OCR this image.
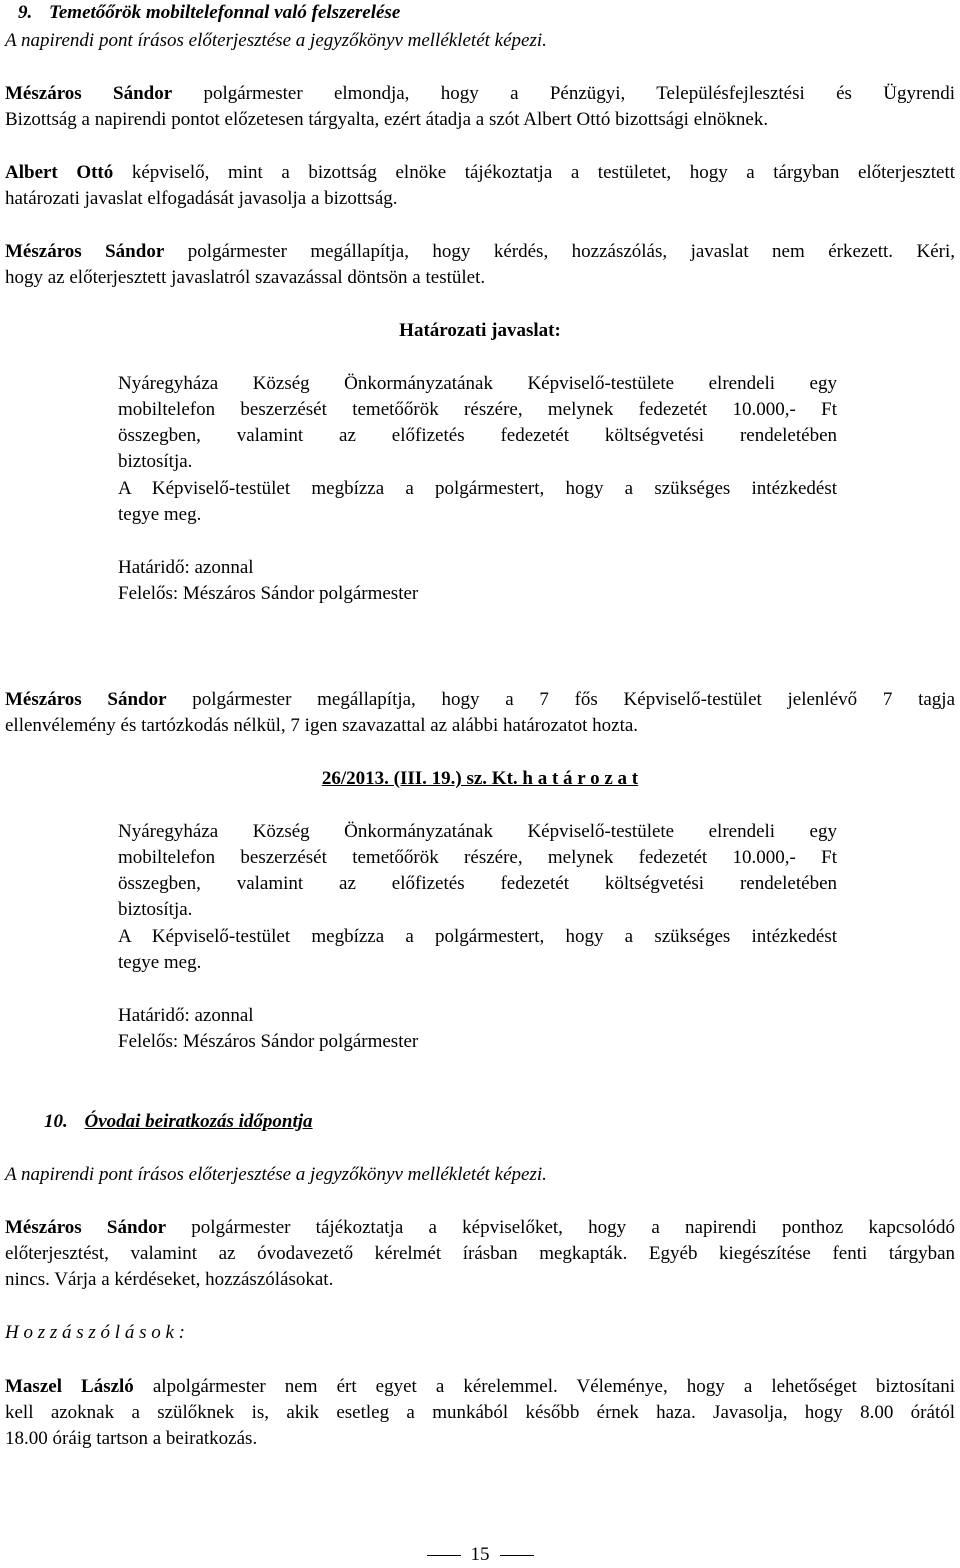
9. Temetőőrök mobiltelefonnal való felszerelése
A napirendi pont írásos előterjesztése a jegyzőkönyv mellékletét képezi.
Mészáros Sándor polgármester elmondja, hogy a Pénzügyi, Településfejlesztési és Ügyrendi
Bizottság a napirendi pontot előzetesen tárgyalta, ezért átadja a szót Albert Ottó bizottsági elnöknek.
Albert Ottó képviselő, mint a bizottság elnöke tájékoztatja a testületet, hogy a tárgyban előterjesztett
határozati javaslat elfogadását javasolja a bizottság.
Mészáros Sándor polgármester megállapítja, hogy kérdés, hozzászólás, javaslat nem érkezett. Kéri,
hogy az előterjesztett javaslatról szavazással döntsön a testület.
Határozati javaslat:
Nyáregyháza Község Önkormányzatának Képviselő-testülete elrendeli egy
mobiltelefon beszerzését temetőőrök részére, melynek fedezetét 10.000,- Ft
összegben, valamint az előfizetés fedezetét költségvetési rendeletében
biztosítja.
A Képviselő-testület megbízza a polgármestert, hogy a szükséges intézkedést
tegye meg.
Határidő: azonnal
Felelős: Mészáros Sándor polgármester
Mészáros Sándor polgármester megállapítja, hogy a 7 fős Képviselő-testület jelenlévő 7 tagja
ellenvélemény és tartózkodás nélkül, 7 igen szavazattal az alábbi határozatot hozta.
26/2013. (III. 19.) sz. Kt. h a t á r o z a t
Nyáregyháza Község Önkormányzatának Képviselő-testülete elrendeli egy
mobiltelefon beszerzését temetőőrök részére, melynek fedezetét 10.000,- Ft
összegben, valamint az előfizetés fedezetét költségvetési rendeletében
biztosítja.
A Képviselő-testület megbízza a polgármestert, hogy a szükséges intézkedést
tegye meg.
Határidő: azonnal
Felelős: Mészáros Sándor polgármester
10. Óvodai beiratkozás időpontja
A napirendi pont írásos előterjesztése a jegyzőkönyv mellékletét képezi.
Mészáros Sándor polgármester tájékoztatja a képviselőket, hogy a napirendi ponthoz kapcsolódó
előterjesztést, valamint az óvodavezető kérelmét írásban megkapták. Egyéb kiegészítése fenti tárgyban
nincs. Várja a kérdéseket, hozzászólásokat.
H o z z á s z ó l á s o k :
Maszel László alpolgármester nem ért egyet a kérelemmel. Véleménye, hogy a lehetőséget biztosítani
kell azoknak a szülőknek is, akik esetleg a munkából később érnek haza. Javasolja, hogy 8.00 órától
18.00 óráig tartson a beiratkozás.
15
